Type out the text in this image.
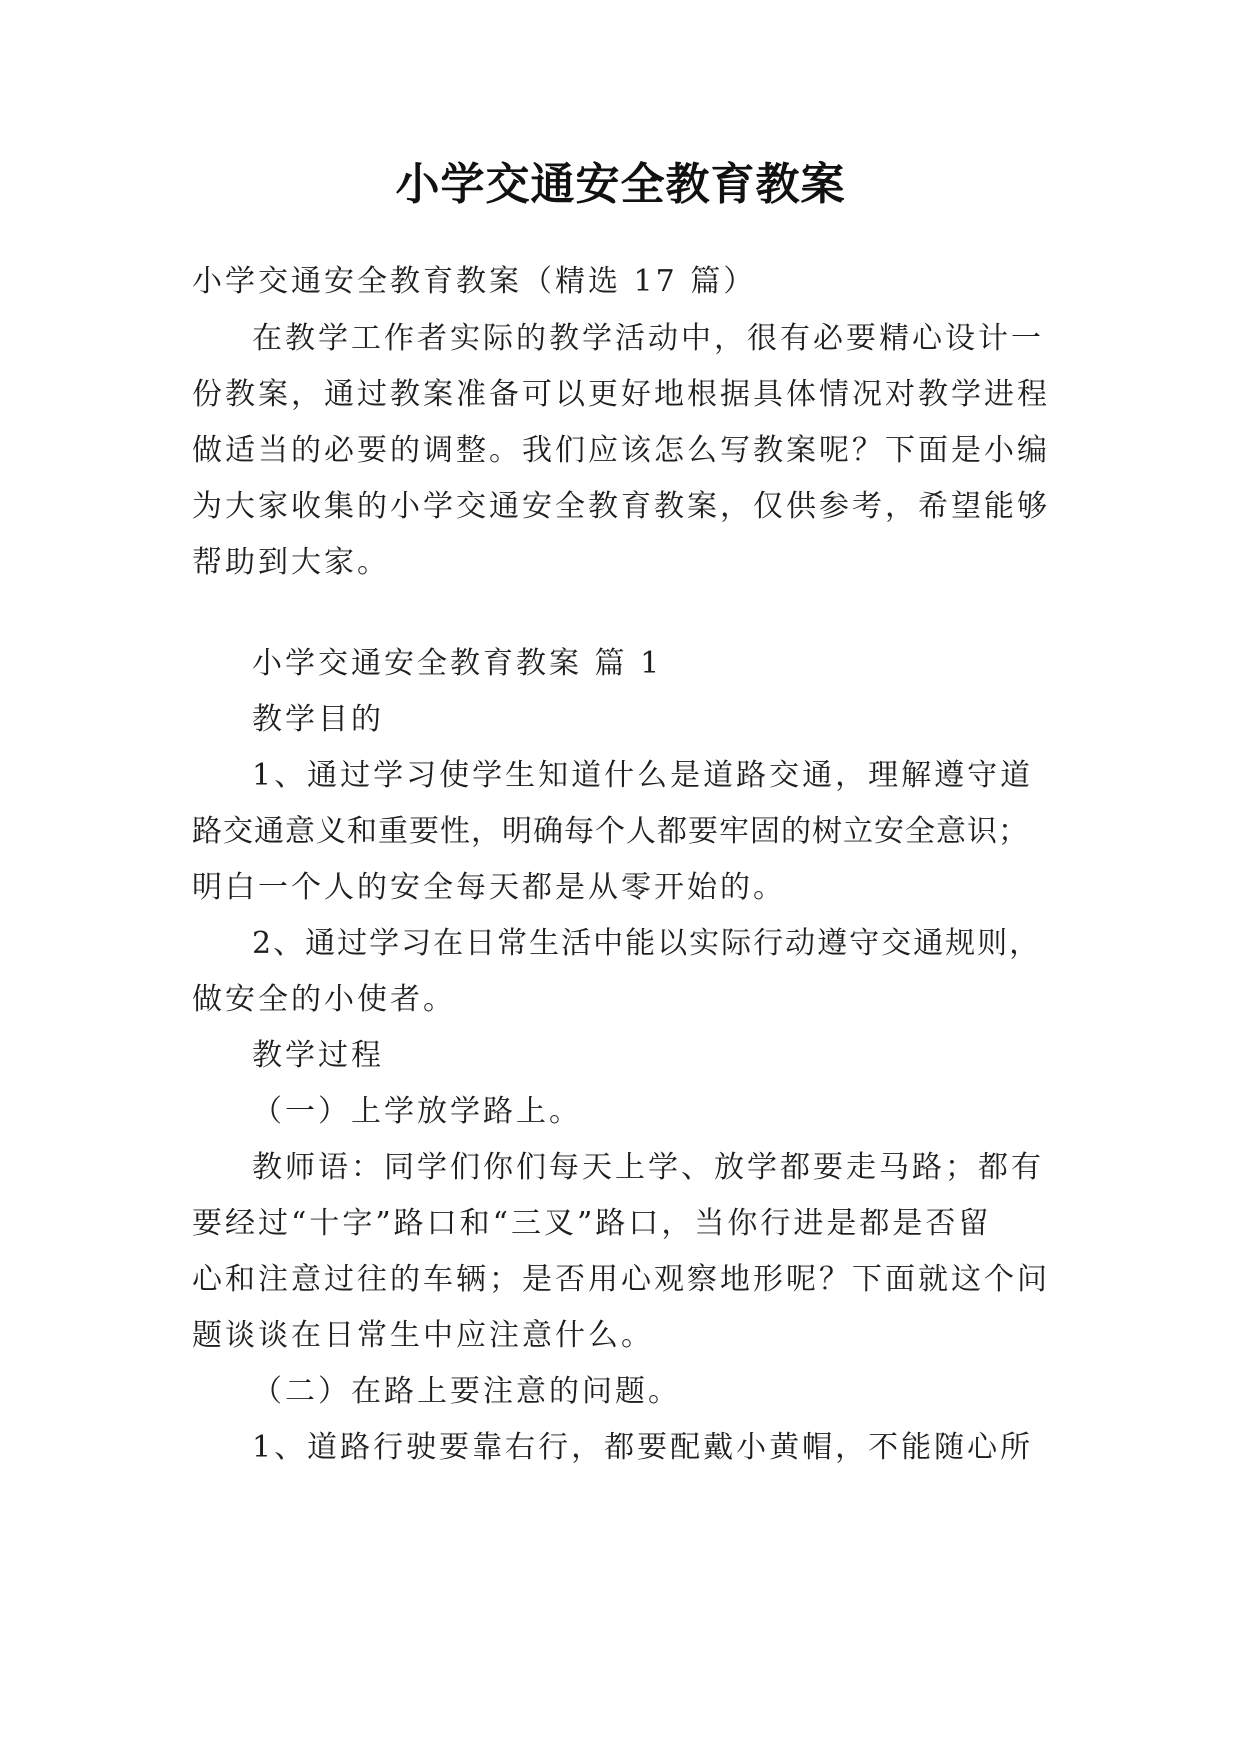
小学交通安全教育教案
小学交通安全教育教案（精选 17 篇）
在教学工作者实际的教学活动中，很有必要精心设计一
份教案，通过教案准备可以更好地根据具体情况对教学进程
做适当的必要的调整。我们应该怎么写教案呢？下面是小编
为大家收集的小学交通安全教育教案，仅供参考，希望能够
帮助到大家。
小学交通安全教育教案 篇 1
教学目的
1、通过学习使学生知道什么是道路交通，理解遵守道
路交通意义和重要性，明确每个人都要牢固的树立安全意识；
明白一个人的安全每天都是从零开始的。
2、通过学习在日常生活中能以实际行动遵守交通规则，
做安全的小使者。
教学过程
（一）上学放学路上。
教师语：同学们你们每天上学、放学都要走马路；都有
要经过“十字”路口和“三叉”路口，当你行进是都是否留
心和注意过往的车辆；是否用心观察地形呢？下面就这个问
题谈谈在日常生中应注意什么。
（二）在路上要注意的问题。
1、道路行驶要靠右行，都要配戴小黄帽，不能随心所
